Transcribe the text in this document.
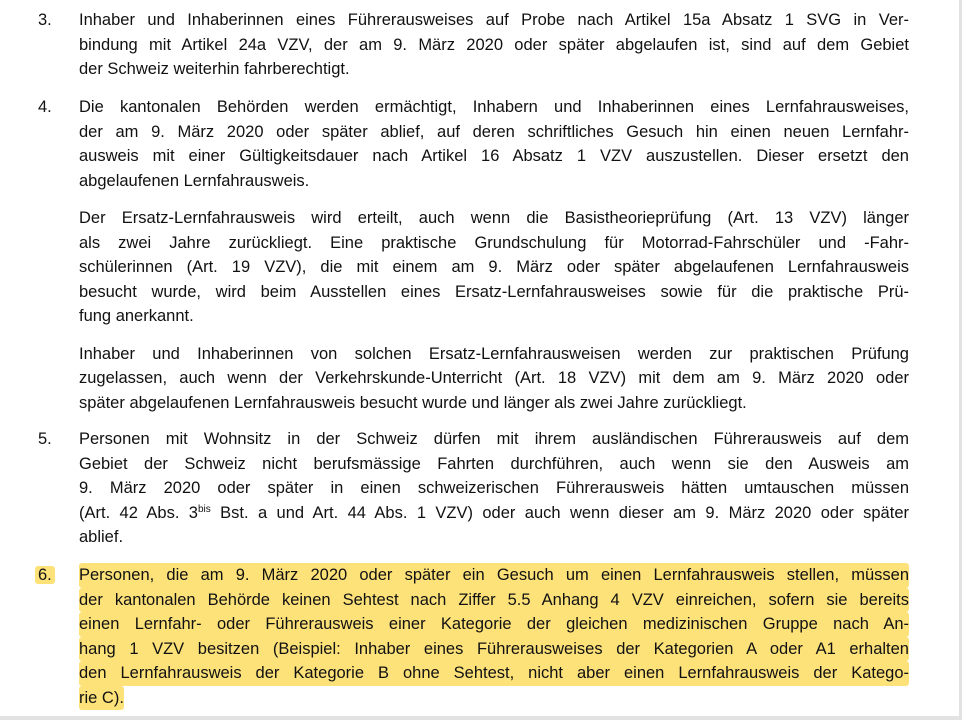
3. Inhaber und Inhaberinnen eines Führerausweises auf Probe nach Artikel 15a Absatz 1 SVG in Ver-
bindung mit Artikel 24a VZV, der am 9. März 2020 oder später abgelaufen ist, sind auf dem Gebiet
der Schweiz weiterhin fahrberechtigt.
4. Die kantonalen Behörden werden ermächtigt, Inhabern und Inhaberinnen eines Lernfahrausweises,
der am 9. März 2020 oder später ablief, auf deren schriftliches Gesuch hin einen neuen Lernfahr-
ausweis mit einer Gültigkeitsdauer nach Artikel 16 Absatz 1 VZV auszustellen. Dieser ersetzt den
abgelaufenen Lernfahrausweis.
Der Ersatz-Lernfahrausweis wird erteilt, auch wenn die Basistheorieprüfung (Art. 13 VZV) länger
als zwei Jahre zurückliegt. Eine praktische Grundschulung für Motorrad-Fahrschüler und -Fahr-
schülerinnen (Art. 19 VZV), die mit einem am 9. März oder später abgelaufenen Lernfahrausweis
besucht wurde, wird beim Ausstellen eines Ersatz-Lernfahrausweises sowie für die praktische Prü-
fung anerkannt.
Inhaber und Inhaberinnen von solchen Ersatz-Lernfahrausweisen werden zur praktischen Prüfung
zugelassen, auch wenn der Verkehrskunde-Unterricht (Art. 18 VZV) mit dem am 9. März 2020 oder
später abgelaufenen Lernfahrausweis besucht wurde und länger als zwei Jahre zurückliegt.
5. Personen mit Wohnsitz in der Schweiz dürfen mit ihrem ausländischen Führerausweis auf dem
Gebiet der Schweiz nicht berufsmässige Fahrten durchführen, auch wenn sie den Ausweis am
9. März 2020 oder später in einen schweizerischen Führerausweis hätten umtauschen müssen
(Art. 42 Abs. $3^{bis}$ Bst. a und Art. 44 Abs. 1 VZV) oder auch wenn dieser am 9. März 2020 oder später
ablief.
6. Personen, die am 9. März 2020 oder später ein Gesuch um einen Lernfahrausweis stellen, müssen
der kantonalen Behörde keinen Sehtest nach Ziffer 5.5 Anhang 4 VZV einreichen, sofern sie bereits
einen Lernfahr- oder Führerausweis einer Kategorie der gleichen medizinischen Gruppe nach An-
hang 1 VZV besitzen (Beispiel: Inhaber eines Führerausweises der Kategorien A oder A1 erhalten
den Lernfahrausweis der Kategorie B ohne Sehtest, nicht aber einen Lernfahrausweis der Katego-
rie C).
